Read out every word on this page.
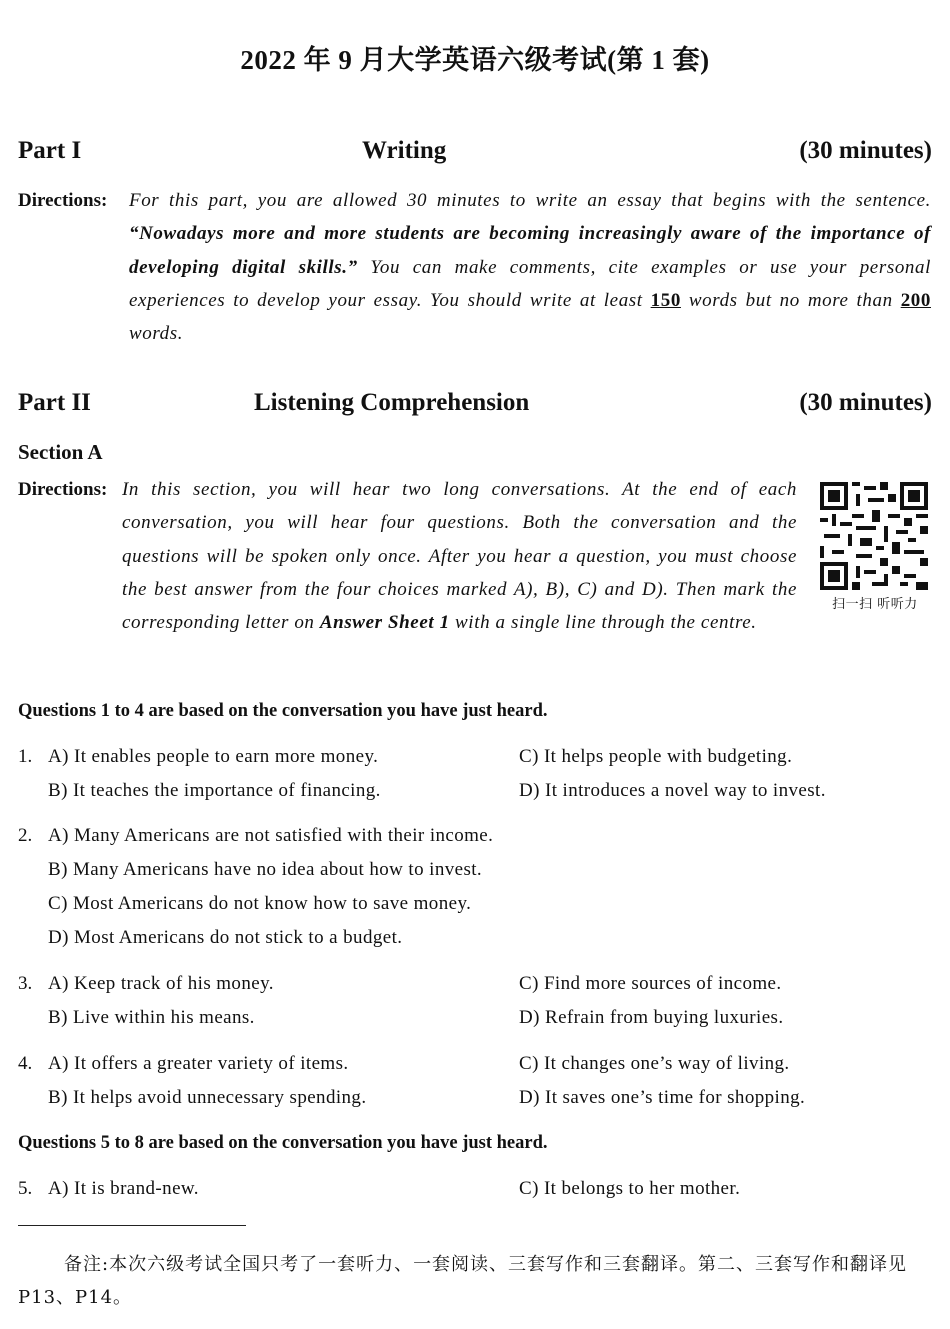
2022 年 9 月大学英语六级考试(第 1 套)
Part I	Writing	(30 minutes)
Directions: For this part, you are allowed 30 minutes to write an essay that begins with the sentence. “Nowadays more and more students are becoming increasingly aware of the importance of developing digital skills.” You can make comments, cite examples or use your personal experiences to develop your essay. You should write at least 150 words but no more than 200 words.
Part II	Listening Comprehension	(30 minutes)
Section A
Directions: In this section, you will hear two long conversations. At the end of each conversation, you will hear four questions. Both the conversation and the questions will be spoken only once. After you hear a question, you must choose the best answer from the four choices marked A), B), C) and D). Then mark the corresponding letter on Answer Sheet 1 with a single line through the centre.
扫一扫 听听力
Questions 1 to 4 are based on the conversation you have just heard.
1. A) It enables people to earn more money.
B) It teaches the importance of financing.
C) It helps people with budgeting.
D) It introduces a novel way to invest.
2. A) Many Americans are not satisfied with their income.
B) Many Americans have no idea about how to invest.
C) Most Americans do not know how to save money.
D) Most Americans do not stick to a budget.
3. A) Keep track of his money.
B) Live within his means.
C) Find more sources of income.
D) Refrain from buying luxuries.
4. A) It offers a greater variety of items.
B) It helps avoid unnecessary spending.
C) It changes one’s way of living.
D) It saves one’s time for shopping.
Questions 5 to 8 are based on the conversation you have just heard.
5. A) It is brand-new.	C) It belongs to her mother.
备注:本次六级考试全国只考了一套听力、一套阅读、三套写作和三套翻译。第二、三套写作和翻译见 P13、P14。
